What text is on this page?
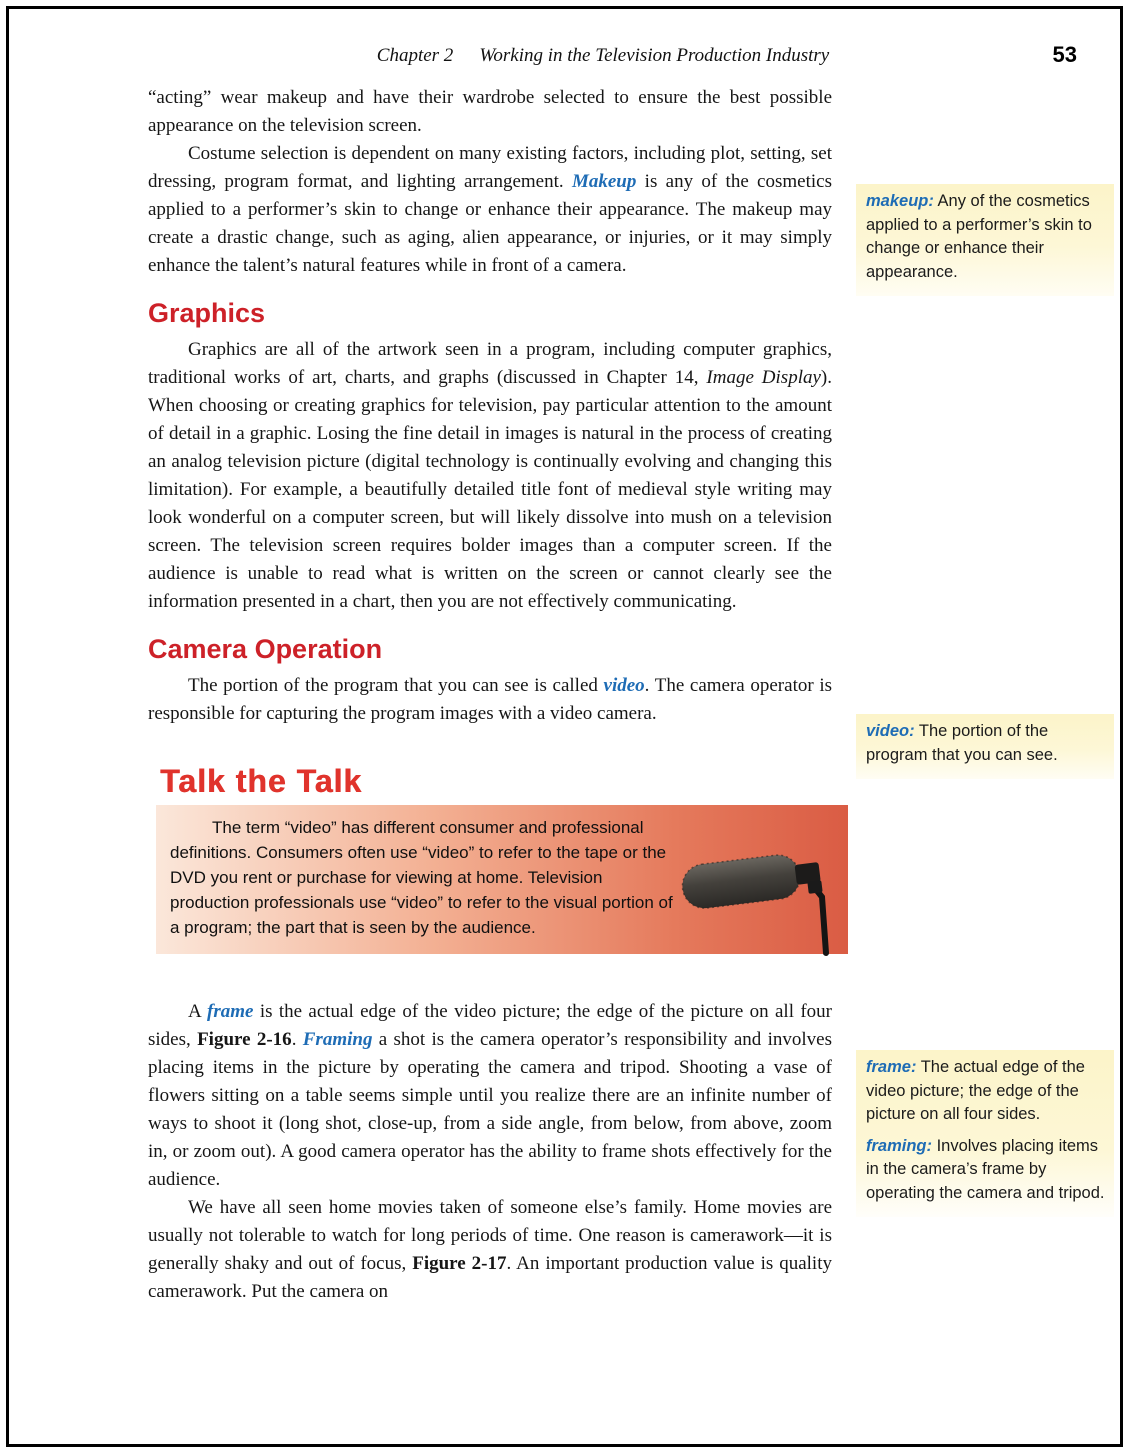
Chapter 2 Working in the Television Production Industry	53

“acting” wear makeup and have their wardrobe selected to ensure the best possible appearance on the television screen.

Costume selection is dependent on many existing factors, including plot, setting, set dressing, program format, and lighting arrangement. Makeup is any of the cosmetics applied to a performer’s skin to change or enhance their appearance. The makeup may create a drastic change, such as aging, alien appearance, or injuries, or it may simply enhance the talent’s natural features while in front of a camera.

Graphics

Graphics are all of the artwork seen in a program, including computer graphics, traditional works of art, charts, and graphs (discussed in Chapter 14, Image Display). When choosing or creating graphics for television, pay particular attention to the amount of detail in a graphic. Losing the fine detail in images is natural in the process of creating an analog television picture (digital technology is continually evolving and changing this limitation). For example, a beautifully detailed title font of medieval style writing may look wonderful on a computer screen, but will likely dissolve into mush on a television screen. The television screen requires bolder images than a computer screen. If the audience is unable to read what is written on the screen or cannot clearly see the information presented in a chart, then you are not effectively communicating.

Camera Operation

The portion of the program that you can see is called video. The camera operator is responsible for capturing the program images with a video camera.

Talk the Talk

The term “video” has different consumer and professional definitions. Consumers often use “video” to refer to the tape or the DVD you rent or purchase for viewing at home. Television production professionals use “video” to refer to the visual portion of a program; the part that is seen by the audience.

A frame is the actual edge of the video picture; the edge of the picture on all four sides, Figure 2-16. Framing a shot is the camera operator’s responsibility and involves placing items in the picture by operating the camera and tripod. Shooting a vase of flowers sitting on a table seems simple until you realize there are an infinite number of ways to shoot it (long shot, close-up, from a side angle, from below, from above, zoom in, or zoom out). A good camera operator has the ability to frame shots effectively for the audience.

We have all seen home movies taken of someone else’s family. Home movies are usually not tolerable to watch for long periods of time. One reason is camerawork—it is generally shaky and out of focus, Figure 2-17. An important production value is quality camerawork. Put the camera on

makeup: Any of the cosmetics applied to a performer’s skin to change or enhance their appearance.

video: The portion of the program that you can see.

frame: The actual edge of the video picture; the edge of the picture on all four sides.

framing: Involves placing items in the camera’s frame by operating the camera and tripod.
